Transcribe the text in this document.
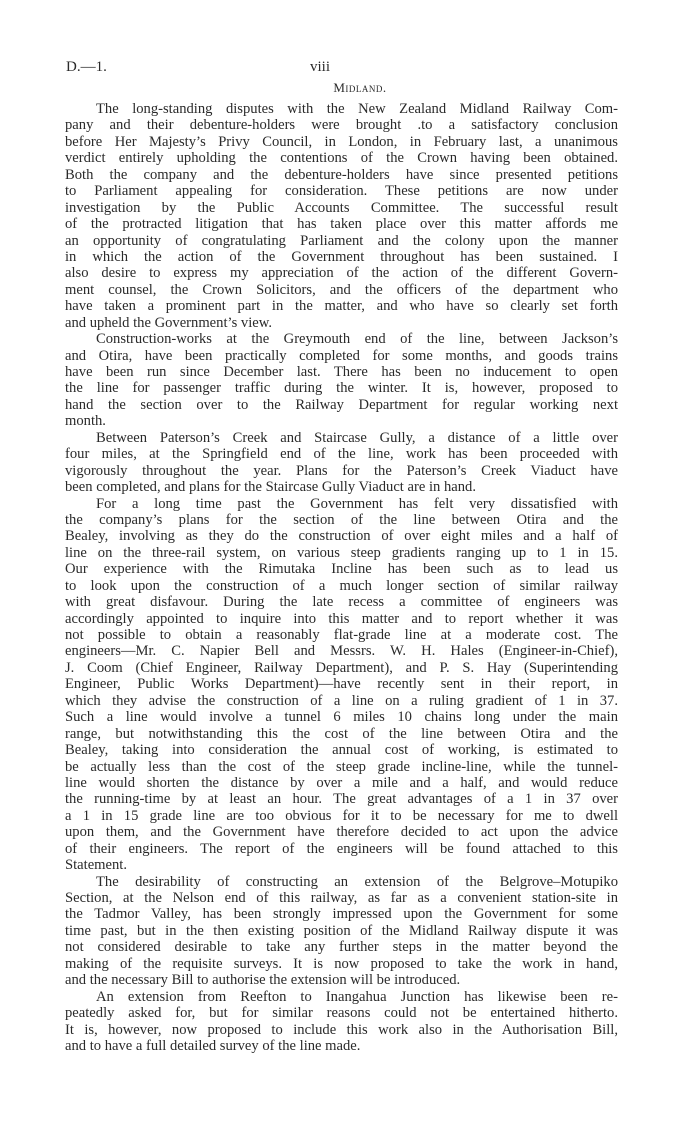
D.—1.	viii
Midland.
The long-standing disputes with the New Zealand Midland Railway Com-
pany and their debenture-holders were brought .to a satisfactory conclusion
before Her Majesty’s Privy Council, in London, in February last, a unanimous
verdict entirely upholding the contentions of the Crown having been obtained.
Both the company and the debenture-holders have since presented petitions
to Parliament appealing for consideration. These petitions are now under
investigation by the Public Accounts Committee. The successful result
of the protracted litigation that has taken place over this matter affords me
an opportunity of congratulating Parliament and the colony upon the manner
in which the action of the Government throughout has been sustained. I
also desire to express my appreciation of the action of the different Govern-
ment counsel, the Crown Solicitors, and the officers of the department who
have taken a prominent part in the matter, and who have so clearly set forth
and upheld the Government’s view.
Construction-works at the Greymouth end of the line, between Jackson’s
and Otira, have been practically completed for some months, and goods trains
have been run since December last. There has been no inducement to open
the line for passenger traffic during the winter. It is, however, proposed to
hand the section over to the Railway Department for regular working next
month.
Between Paterson’s Creek and Staircase Gully, a distance of a little over
four miles, at the Springfield end of the line, work has been proceeded with
vigorously throughout the year. Plans for the Paterson’s Creek Viaduct have
been completed, and plans for the Staircase Gully Viaduct are in hand.
For a long time past the Government has felt very dissatisfied with
the company’s plans for the section of the line between Otira and the
Bealey, involving as they do the construction of over eight miles and a half of
line on the three-rail system, on various steep gradients ranging up to 1 in 15.
Our experience with the Rimutaka Incline has been such as to lead us
to look upon the construction of a much longer section of similar railway
with great disfavour. During the late recess a committee of engineers was
accordingly appointed to inquire into this matter and to report whether it was
not possible to obtain a reasonably flat-grade line at a moderate cost. The
engineers—Mr. C. Napier Bell and Messrs. W. H. Hales (Engineer-in-Chief),
J. Coom (Chief Engineer, Railway Department), and P. S. Hay (Superintending
Engineer, Public Works Department)—have recently sent in their report, in
which they advise the construction of a line on a ruling gradient of 1 in 37.
Such a line would involve a tunnel 6 miles 10 chains long under the main
range, but notwithstanding this the cost of the line between Otira and the
Bealey, taking into consideration the annual cost of working, is estimated to
be actually less than the cost of the steep grade incline-line, while the tunnel-
line would shorten the distance by over a mile and a half, and would reduce
the running-time by at least an hour. The great advantages of a 1 in 37 over
a 1 in 15 grade line are too obvious for it to be necessary for me to dwell
upon them, and the Government have therefore decided to act upon the advice
of their engineers. The report of the engineers will be found attached to this
Statement.
The desirability of constructing an extension of the Belgrove–Motupiko
Section, at the Nelson end of this railway, as far as a convenient station-site in
the Tadmor Valley, has been strongly impressed upon the Government for some
time past, but in the then existing position of the Midland Railway dispute it was
not considered desirable to take any further steps in the matter beyond the
making of the requisite surveys. It is now proposed to take the work in hand,
and the necessary Bill to authorise the extension will be introduced.
An extension from Reefton to Inangahua Junction has likewise been re-
peatedly asked for, but for similar reasons could not be entertained hitherto.
It is, however, now proposed to include this work also in the Authorisation Bill,
and to have a full detailed survey of the line made.
